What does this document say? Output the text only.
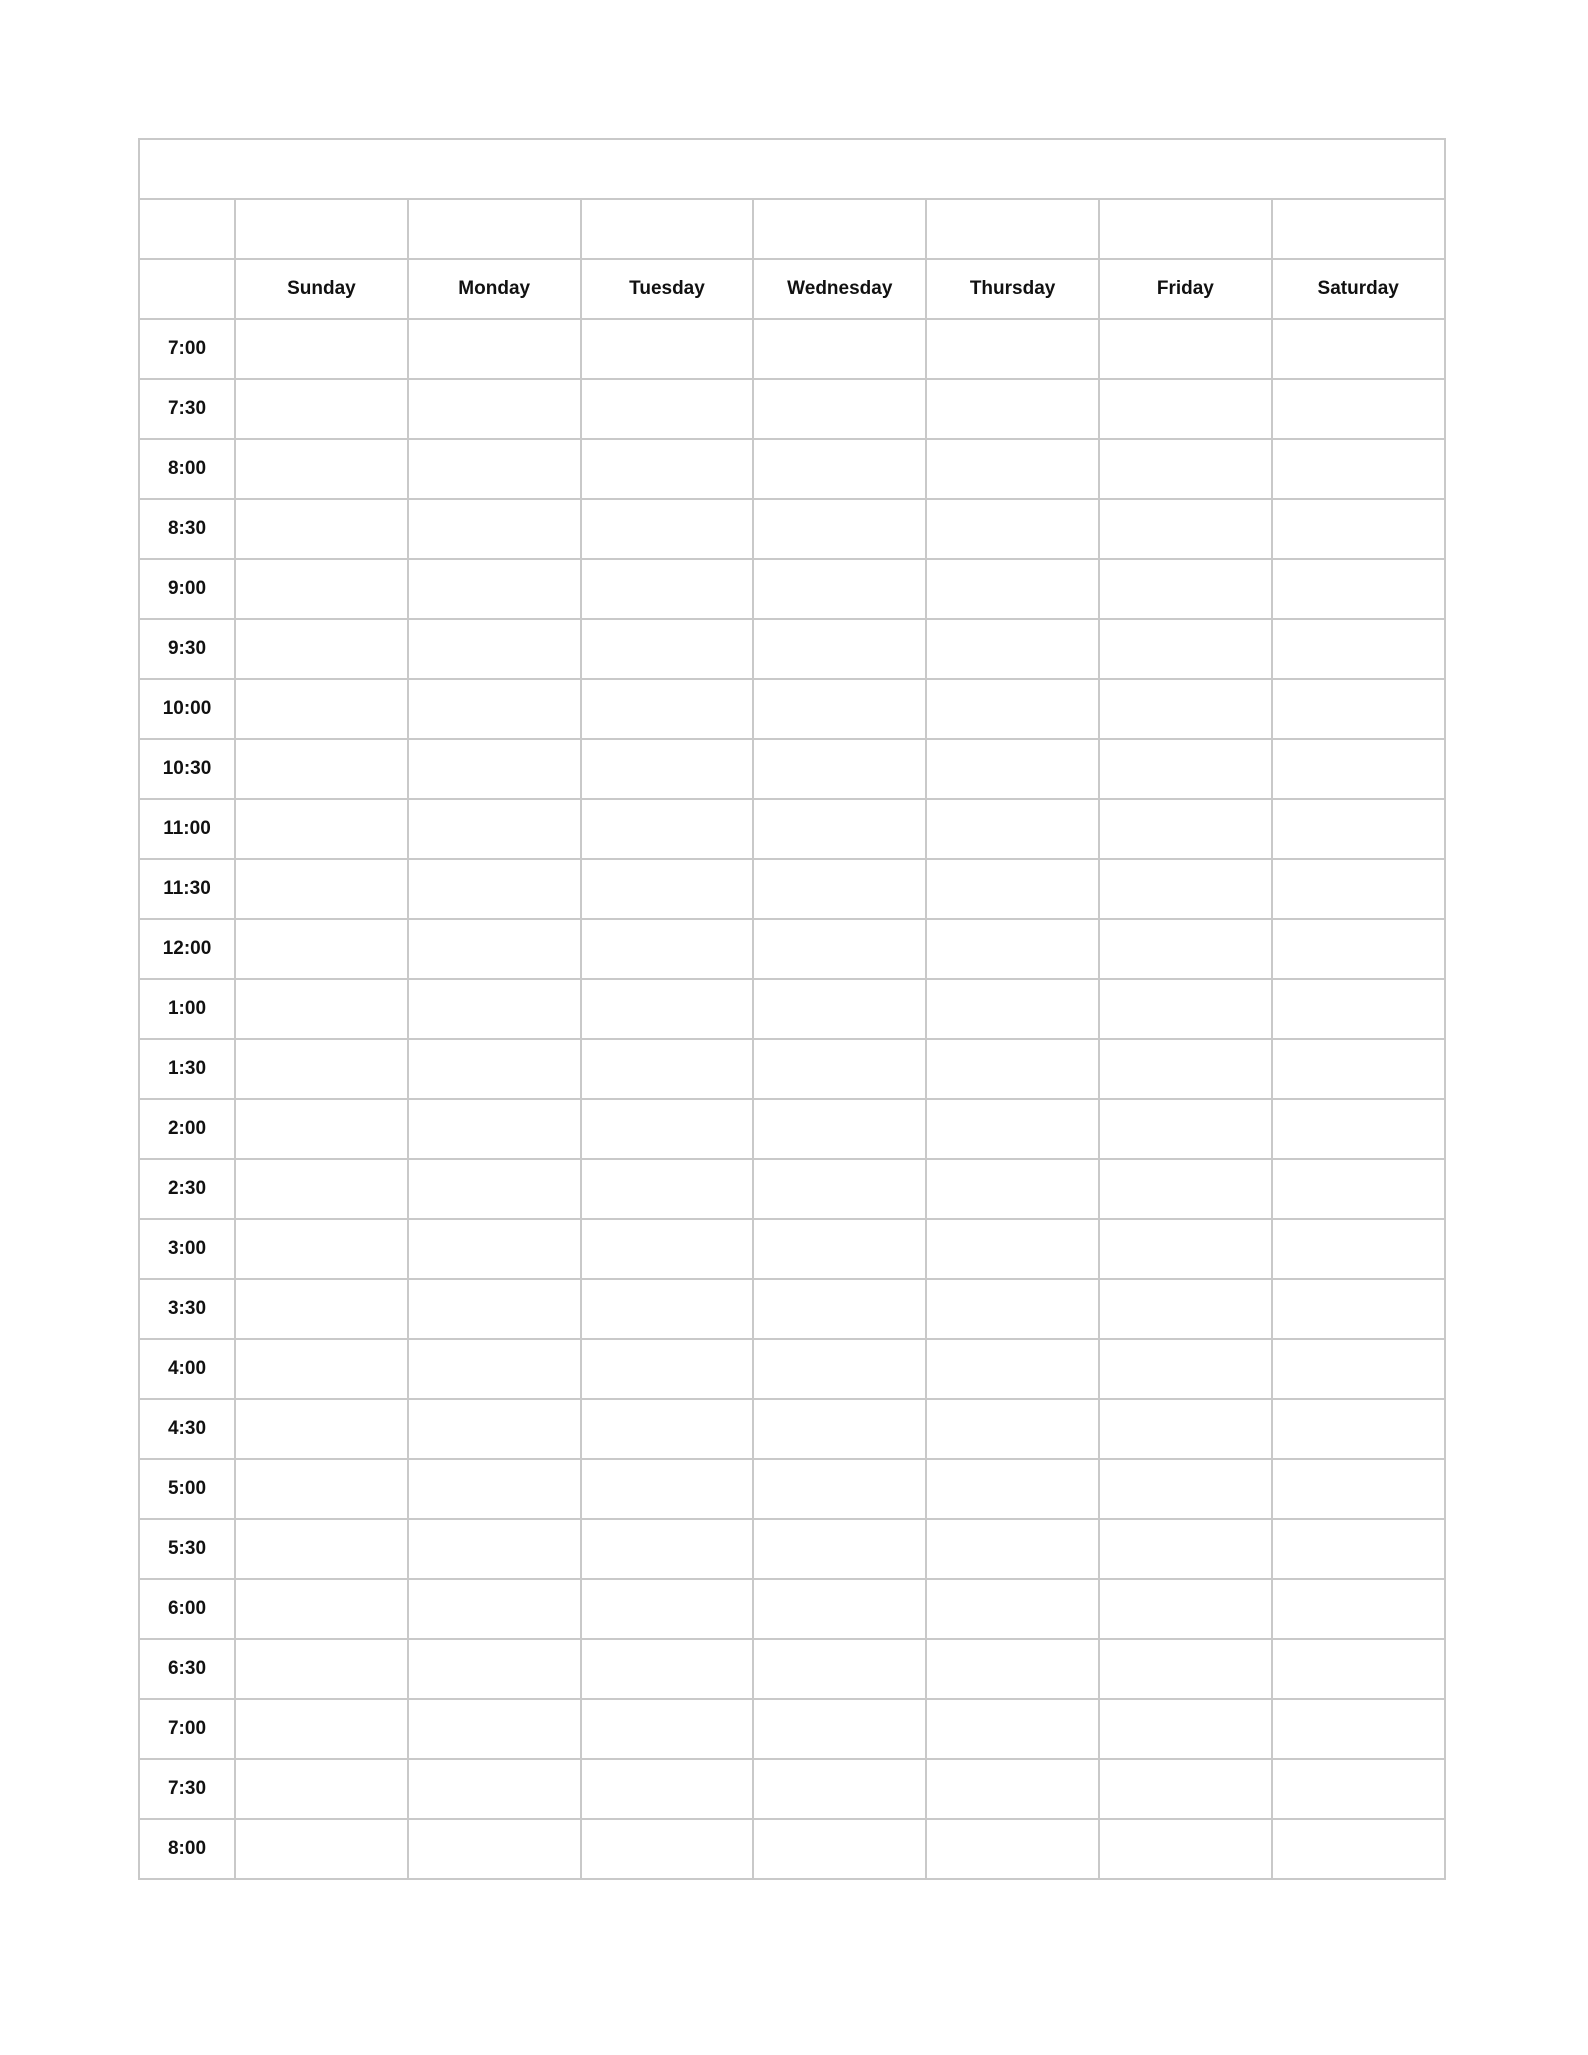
	Sunday	Monday	Tuesday	Wednesday	Thursday	Friday	Saturday
7:00							
7:30							
8:00							
8:30							
9:00							
9:30							
10:00							
10:30							
11:00							
11:30							
12:00							
1:00							
1:30							
2:00							
2:30							
3:00							
3:30							
4:00							
4:30							
5:00							
5:30							
6:00							
6:30							
7:00							
7:30							
8:00							
